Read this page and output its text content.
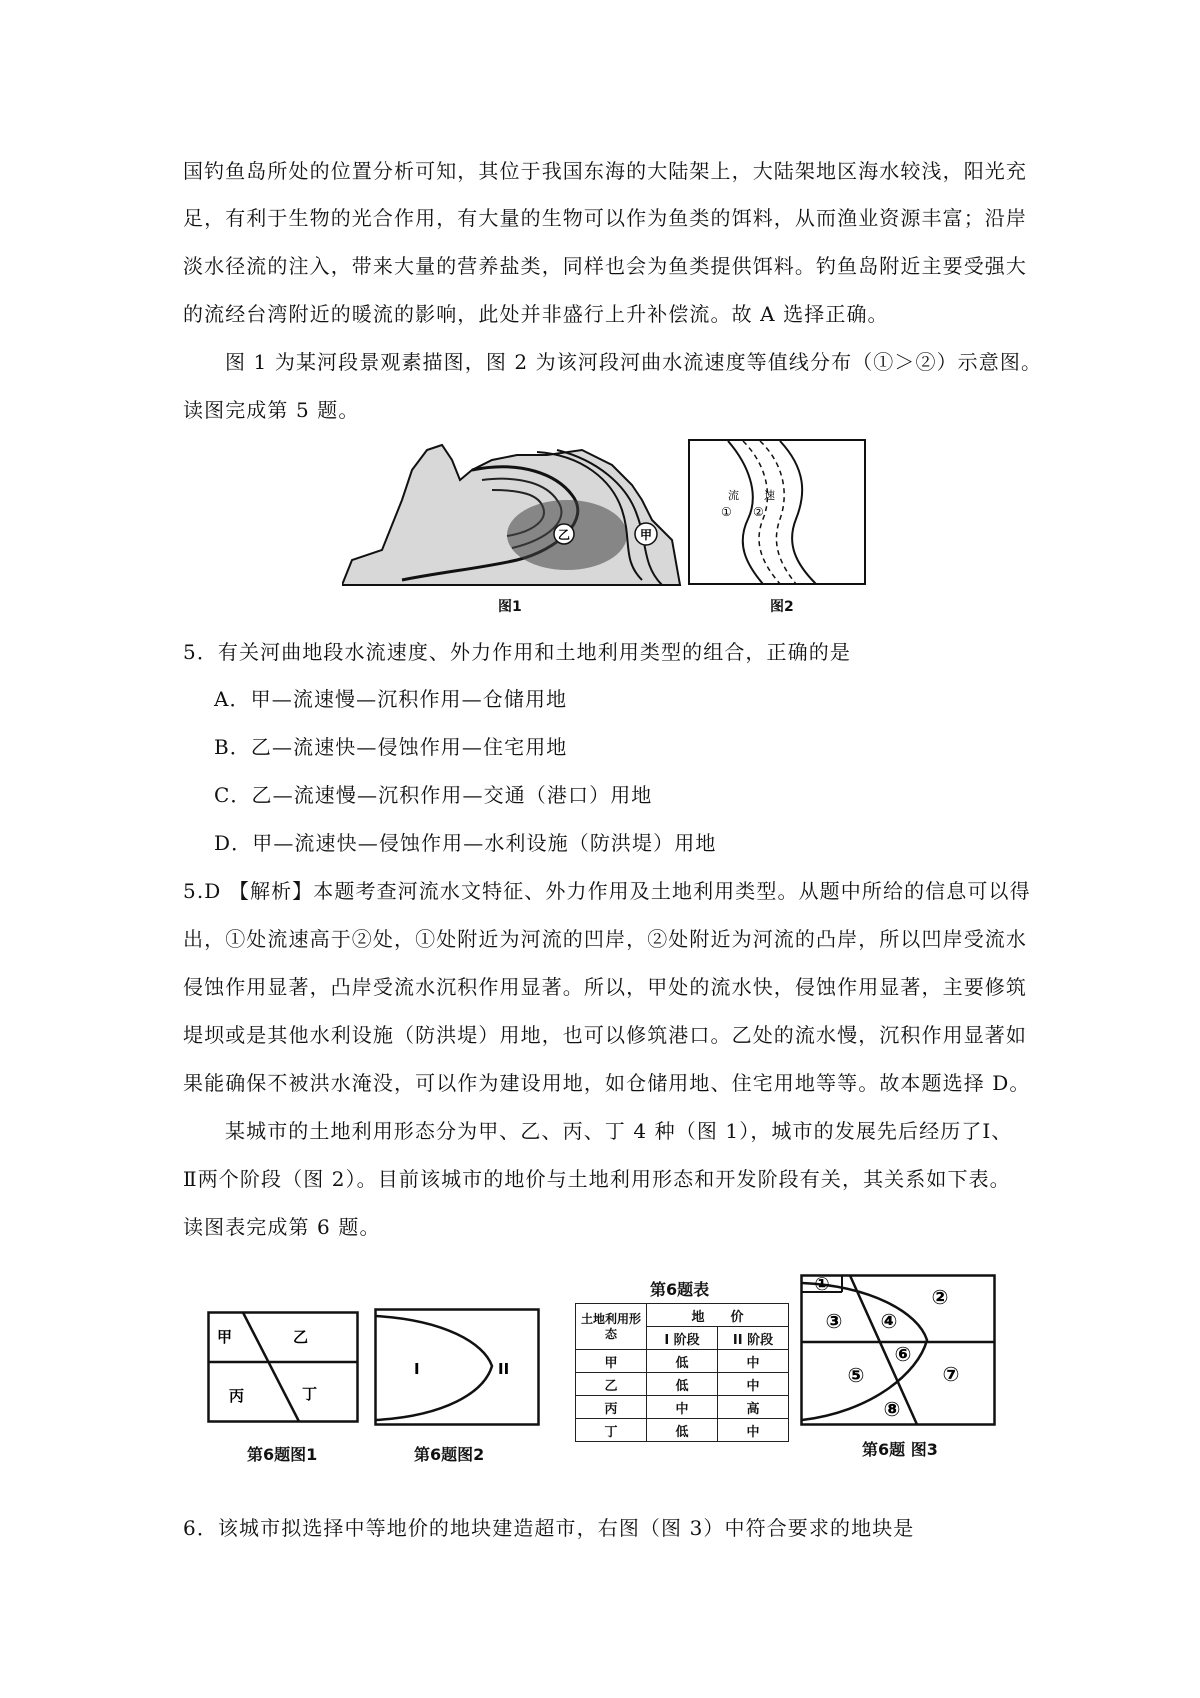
国钓鱼岛所处的位置分析可知，其位于我国东海的大陆架上，大陆架地区海水较浅，阳光充
足，有利于生物的光合作用，有大量的生物可以作为鱼类的饵料，从而渔业资源丰富；沿岸
淡水径流的注入，带来大量的营养盐类，同样也会为鱼类提供饵料。钓鱼岛附近主要受强大
的流经台湾附近的暖流的影响，此处并非盛行上升补偿流。故 A 选择正确。
图 1 为某河段景观素描图，图 2 为该河段河曲水流速度等值线分布（①＞②）示意图。
读图完成第 5 题。
乙	甲
图1
流 速
① ②
图2
5．有关河曲地段水流速度、外力作用和土地利用类型的组合，正确的是
A．甲—流速慢—沉积作用—仓储用地
B．乙—流速快—侵蚀作用—住宅用地
C．乙—流速慢—沉积作用—交通（港口）用地
D．甲—流速快—侵蚀作用—水利设施（防洪堤）用地
5.D 【解析】本题考查河流水文特征、外力作用及土地利用类型。从题中所给的信息可以得
出，①处流速高于②处，①处附近为河流的凹岸，②处附近为河流的凸岸，所以凹岸受流水
侵蚀作用显著，凸岸受流水沉积作用显著。所以，甲处的流水快，侵蚀作用显著，主要修筑
堤坝或是其他水利设施（防洪堤）用地，也可以修筑港口。乙处的流水慢，沉积作用显著如
果能确保不被洪水淹没，可以作为建设用地，如仓储用地、住宅用地等等。故本题选择 D。
某城市的土地利用形态分为甲、乙、丙、丁 4 种（图 1），城市的发展先后经历了Ⅰ、
Ⅱ两个阶段（图 2）。目前该城市的地价与土地利用形态和开发阶段有关，其关系如下表。
读图表完成第 6 题。
甲	乙
丙	丁
第6题图1
I	II
第6题图2
第6题表
土地利用形态	地　　价	
	I 阶段	II 阶段
甲	低	中
乙	低	中
丙	中	高
丁	低	中
①
②
③ ④
⑤
⑥
⑦
⑧
第6题 图3
6．该城市拟选择中等地价的地块建造超市，右图（图 3）中符合要求的地块是
